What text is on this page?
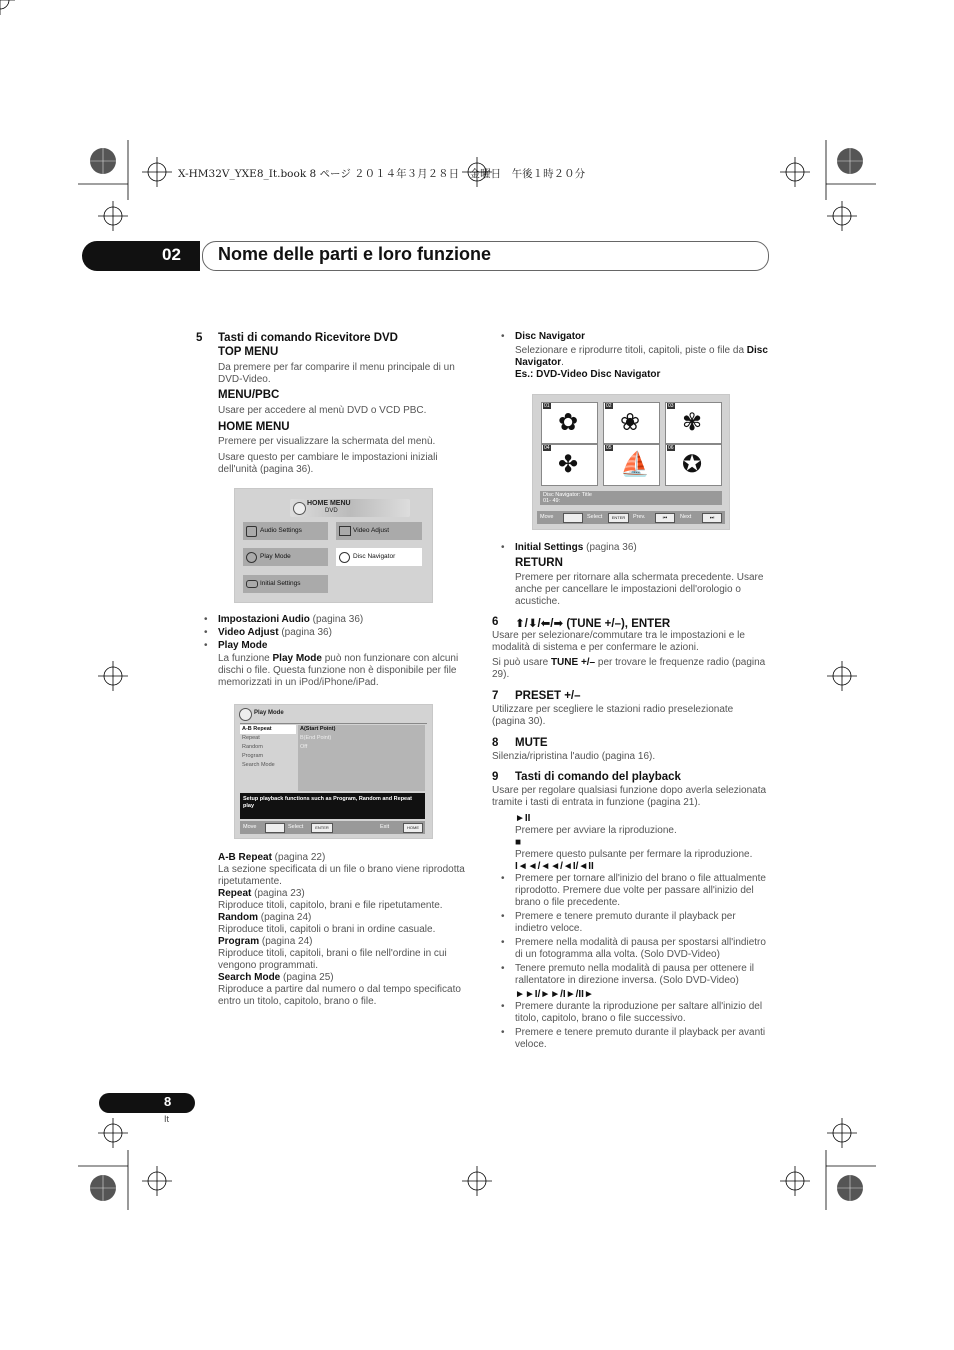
X-HM32V_YXE8_It.book 8 ページ ２０１４年３月２８日　金曜日　午後１時２０分
02 Nome delle parti e loro funzione
5 Tasti di comando Ricevitore DVD
TOP MENU
Da premere per far comparire il menu principale di un DVD-Video.
MENU/PBC
Usare per accedere al menù DVD o VCD PBC.
HOME MENU
Premere per visualizzare la schermata del menù.
Usare questo per cambiare le impostazioni iniziali dell'unità (pagina 36).
HOME MENU
DVD
Audio Settings	Video Adjust
Play Mode	Disc Navigator
Initial Settings
• Impostazioni Audio (pagina 36)
• Video Adjust (pagina 36)
• Play Mode
La funzione Play Mode può non funzionare con alcuni dischi o file. Questa funzione non è disponibile per file memorizzati in un iPod/iPhone/iPad.
Play Mode
A-B Repeat
Repeat
Random
Program
Search Mode
A(Start Point)
B(End Point)
Off
Setup playback functions such as Program, Random and Repeat play
Move	Select	ENTER	Exit	HOME
A-B Repeat (pagina 22)
La sezione specificata di un file o brano viene riprodotta ripetutamente.
Repeat (pagina 23)
Riproduce titoli, capitolo, brani e file ripetutamente.
Random (pagina 24)
Riproduce titoli, capitoli o brani in ordine casuale.
Program (pagina 24)
Riproduce titoli, capitoli, brani o file nell'ordine in cui vengono programmati.
Search Mode (pagina 25)
Riproduce a partire dal numero o dal tempo specificato entro un titolo, capitolo, brano o file.
• Disc Navigator
Selezionare e riprodurre titoli, capitoli, piste o file da Disc Navigator.
Es.: DVD-Video Disc Navigator
01
✿
02
❀
03
✾
04
✤
05
⛵
06
✪
Disc Navigator: Title
01- 49:
Move	Select	ENTER	Prev.	⏮	Next	⏭
• Initial Settings (pagina 36)
RETURN
Premere per ritornare alla schermata precedente. Usare anche per cancellare le impostazioni dell'orologio o acustiche.
6 ⬆/⬇/⬅/➡ (TUNE +/–), ENTER
Usare per selezionare/commutare tra le impostazioni e le modalità di sistema e per confermare le azioni.
Si può usare TUNE +/– per trovare le frequenze radio (pagina 29).
7 PRESET +/–
Utilizzare per scegliere le stazioni radio preselezionate (pagina 30).
8 MUTE
Silenzia/ripristina l'audio (pagina 16).
9 Tasti di comando del playback
Usare per regolare qualsiasi funzione dopo averla selezionata tramite i tasti di entrata in funzione (pagina 21).
►II
Premere per avviare la riproduzione.
■
Premere questo pulsante per fermare la riproduzione.
I◄◄/◄◄/◄I/◄II
• Premere per tornare all'inizio del brano o file attualmente riprodotto. Premere due volte per passare all'inizio del brano o file precedente.
• Premere e tenere premuto durante il playback per indietro veloce.
• Premere nella modalità di pausa per spostarsi all'indietro di un fotogramma alla volta. (Solo DVD-Video)
• Tenere premuto nella modalità di pausa per ottenere il rallentatore in direzione inversa. (Solo DVD-Video)
►►I/►►/I►/II►
• Premere durante la riproduzione per saltare all'inizio del titolo, capitolo, brano o file successivo.
• Premere e tenere premuto durante il playback per avanti veloce.
8
It
